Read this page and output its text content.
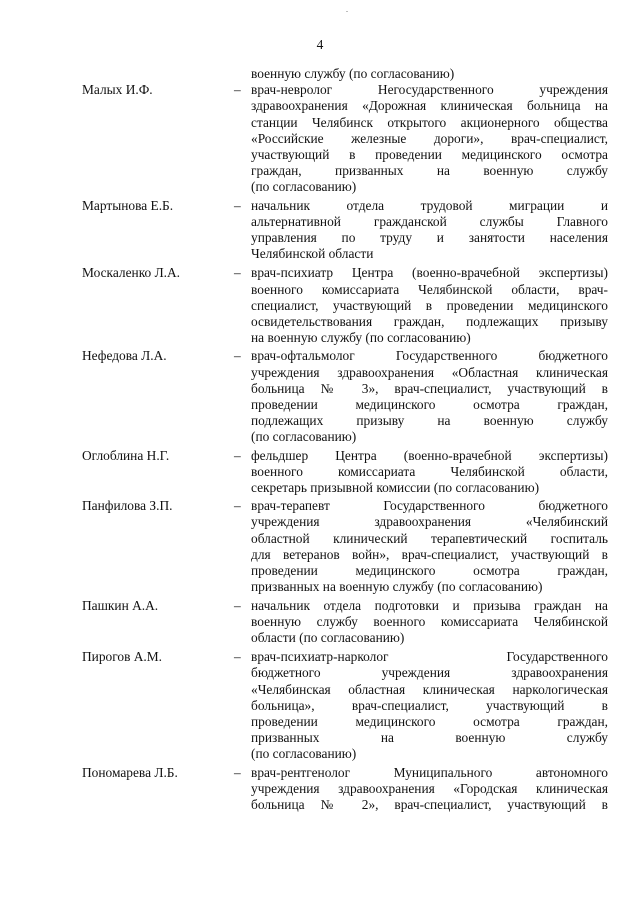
.
4
военную службу (по согласованию)
Малых И.Ф.	– врач-невролог Негосударственного учреждения
здравоохранения «Дорожная клиническая больница на
станции Челябинск открытого акционерного общества
«Российские железные дороги», врач-специалист,
участвующий в проведении медицинского осмотра
граждан, призванных на военную службу
(по согласованию)
Мартынова Е.Б.	– начальник отдела трудовой миграции и
альтернативной гражданской службы Главного
управления по труду и занятости населения
Челябинской области
Москаленко Л.А.	– врач-психиатр Центра (военно-врачебной экспертизы)
военного комиссариата Челябинской области, врач-
специалист, участвующий в проведении медицинского
освидетельствования граждан, подлежащих призыву
на военную службу (по согласованию)
Нефедова Л.А.	– врач-офтальмолог Государственного бюджетного
учреждения здравоохранения «Областная клиническая
больница № 3», врач-специалист, участвующий в
проведении медицинского осмотра граждан,
подлежащих призыву на военную службу
(по согласованию)
Оглоблина Н.Г.	– фельдшер Центра (военно-врачебной экспертизы)
военного комиссариата Челябинской области,
секретарь призывной комиссии (по согласованию)
Панфилова З.П.	– врач-терапевт Государственного бюджетного
учреждения здравоохранения «Челябинский
областной клинический терапевтический госпиталь
для ветеранов войн», врач-специалист, участвующий в
проведении медицинского осмотра граждан,
призванных на военную службу (по согласованию)
Пашкин А.А.	– начальник отдела подготовки и призыва граждан на
военную службу военного комиссариата Челябинской
области (по согласованию)
Пирогов А.М.	– врач-психиатр-нарколог Государственного
бюджетного учреждения здравоохранения
«Челябинская областная клиническая наркологическая
больница», врач-специалист, участвующий в
проведении медицинского осмотра граждан,
призванных на военную службу
(по согласованию)
Пономарева Л.Б.	– врач-рентгенолог Муниципального автономного
учреждения здравоохранения «Городская клиническая
больница № 2», врач-специалист, участвующий в
